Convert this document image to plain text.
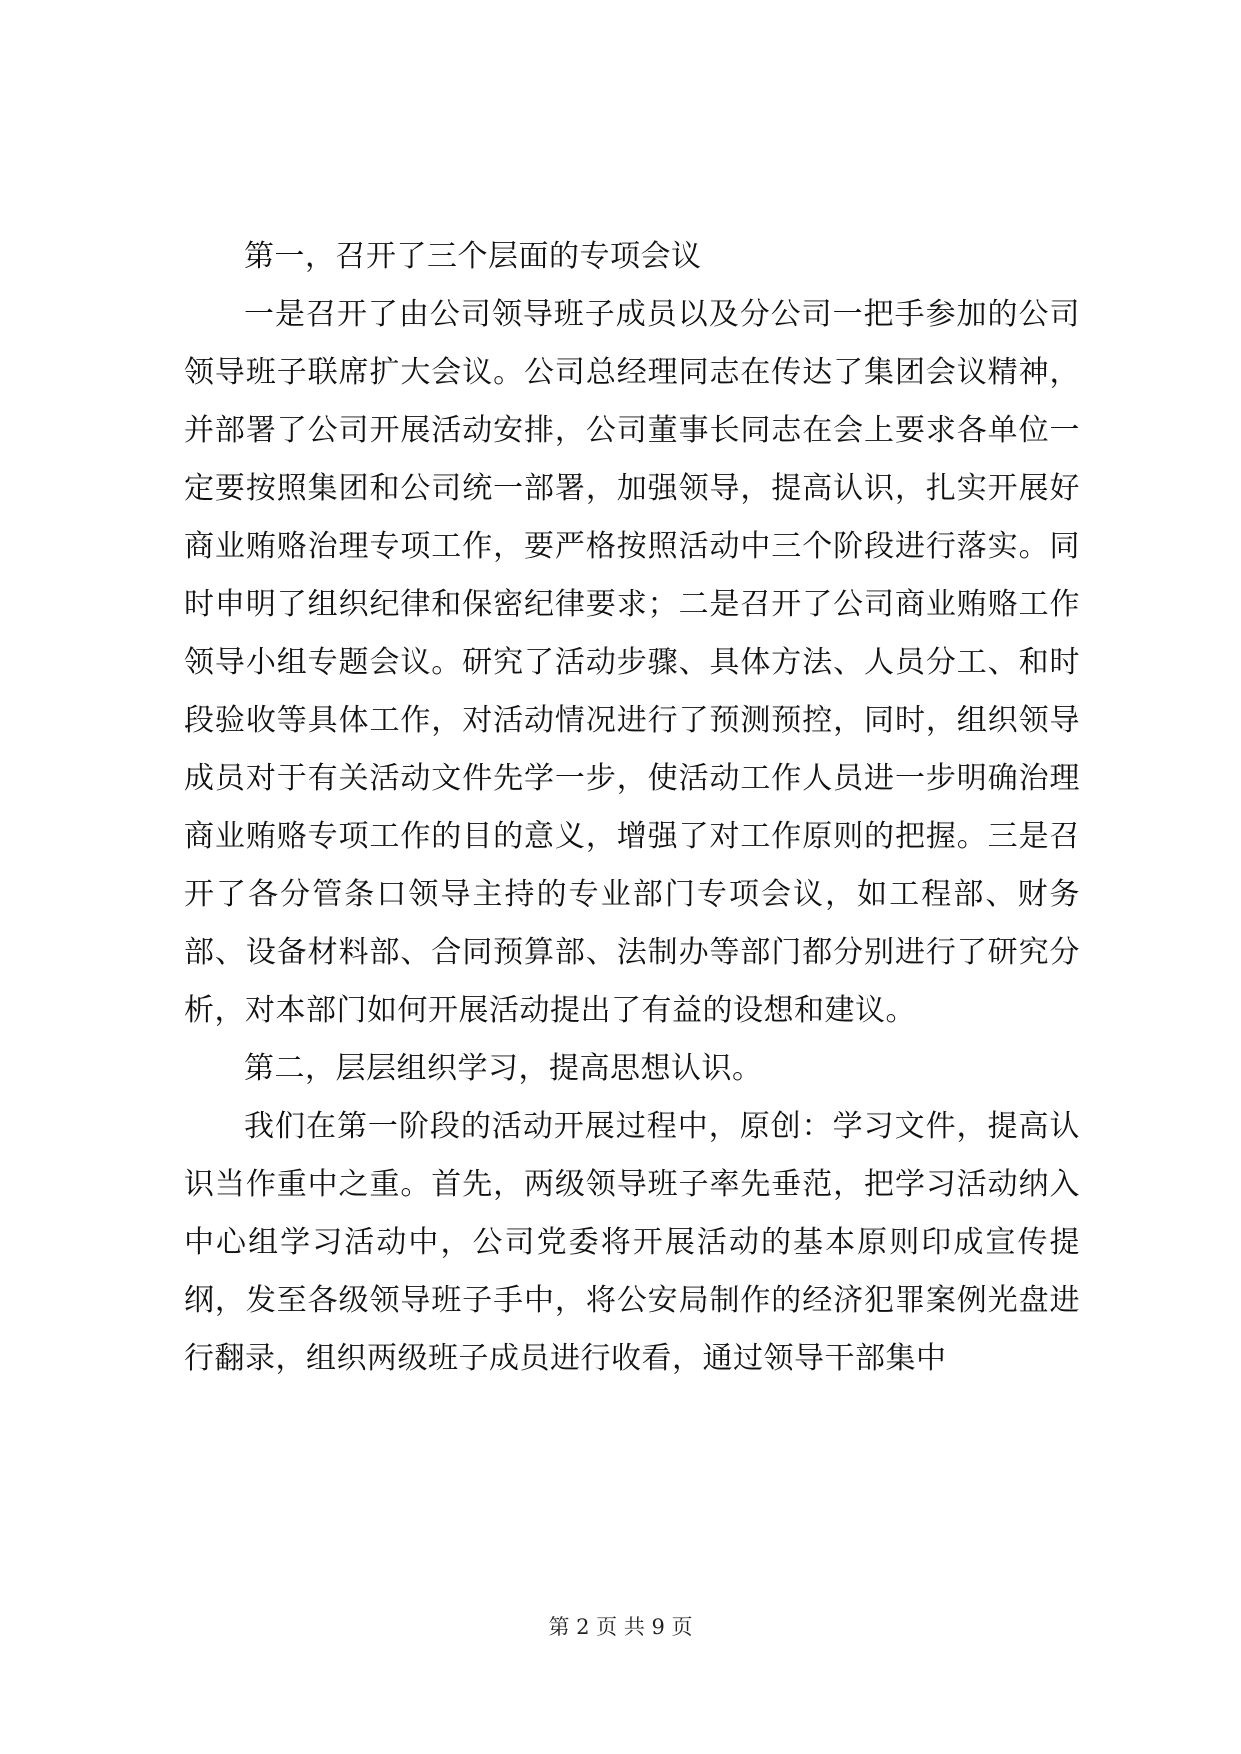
第一，召开了三个层面的专项会议

一是召开了由公司领导班子成员以及分公司一把手参加的公司领导班子联席扩大会议。公司总经理同志在传达了集团会议精神，并部署了公司开展活动安排，公司董事长同志在会上要求各单位一定要按照集团和公司统一部署，加强领导，提高认识，扎实开展好商业贿赂治理专项工作，要严格按照活动中三个阶段进行落实。同时申明了组织纪律和保密纪律要求；二是召开了公司商业贿赂工作领导小组专题会议。研究了活动步骤、具体方法、人员分工、和时段验收等具体工作，对活动情况进行了预测预控，同时，组织领导成员对于有关活动文件先学一步，使活动工作人员进一步明确治理商业贿赂专项工作的目的意义，增强了对工作原则的把握。三是召开了各分管条口领导主持的专业部门专项会议，如工程部、财务部、设备材料部、合同预算部、法制办等部门都分别进行了研究分析，对本部门如何开展活动提出了有益的设想和建议。

第二，层层组织学习，提高思想认识。

我们在第一阶段的活动开展过程中，原创：学习文件，提高认识当作重中之重。首先，两级领导班子率先垂范，把学习活动纳入中心组学习活动中，公司党委将开展活动的基本原则印成宣传提纲，发至各级领导班子手中，将公安局制作的经济犯罪案例光盘进行翻录，组织两级班子成员进行收看，通过领导干部集中

第 2 页 共 9 页
